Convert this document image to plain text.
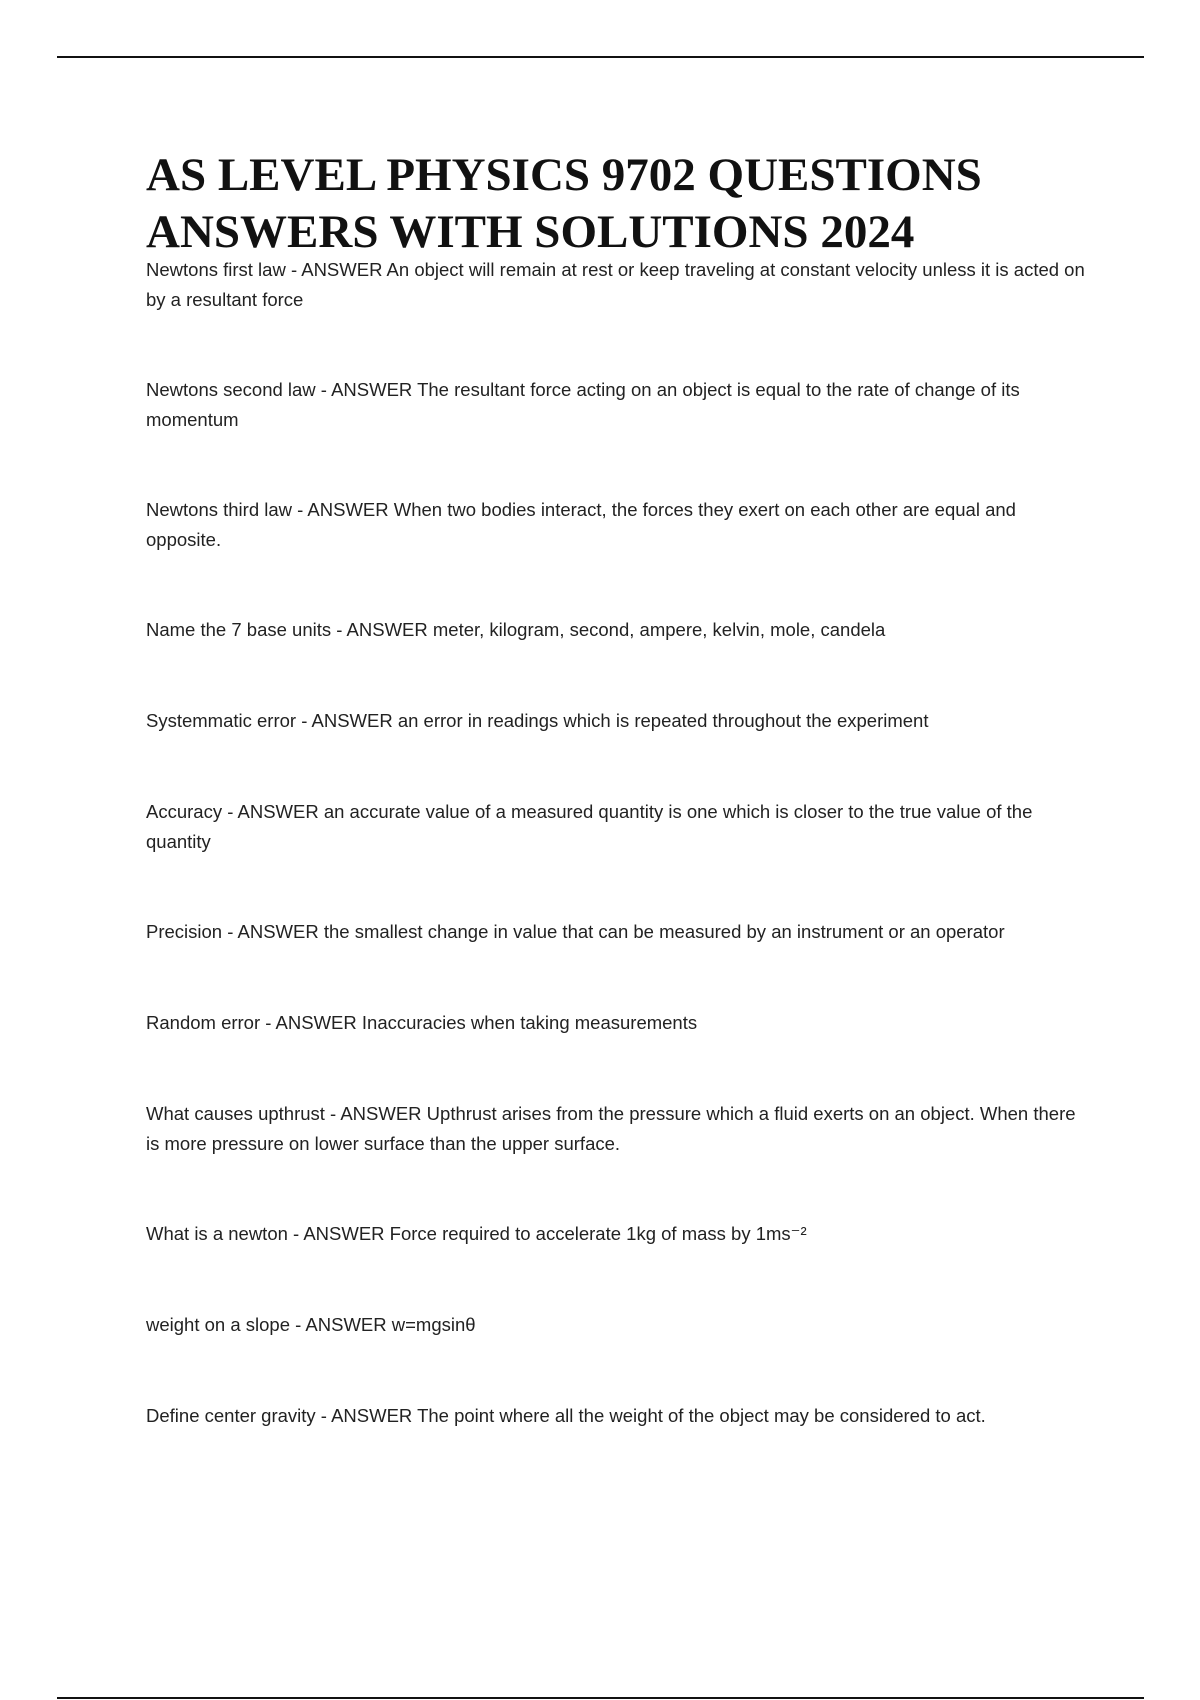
AS LEVEL PHYSICS 9702 QUESTIONS ANSWERS WITH SOLUTIONS 2024

Newtons first law - ANSWER An object will remain at rest or keep traveling at constant velocity unless it is acted on by a resultant force

Newtons second law - ANSWER The resultant force acting on an object is equal to the rate of change of its momentum

Newtons third law - ANSWER When two bodies interact, the forces they exert on each other are equal and opposite.

Name the 7 base units - ANSWER meter, kilogram, second, ampere, kelvin, mole, candela

Systemmatic error - ANSWER an error in readings which is repeated throughout the experiment

Accuracy - ANSWER an accurate value of a measured quantity is one which is closer to the true value of the quantity

Precision - ANSWER the smallest change in value that can be measured by an instrument or an operator

Random error - ANSWER Inaccuracies when taking measurements

What causes upthrust - ANSWER Upthrust arises from the pressure which a fluid exerts on an object. When there is more pressure on lower surface than the upper surface.

What is a newton - ANSWER Force required to accelerate 1kg of mass by 1ms⁻²

weight on a slope - ANSWER w=mgsinθ

Define center gravity - ANSWER The point where all the weight of the object may be considered to act.
